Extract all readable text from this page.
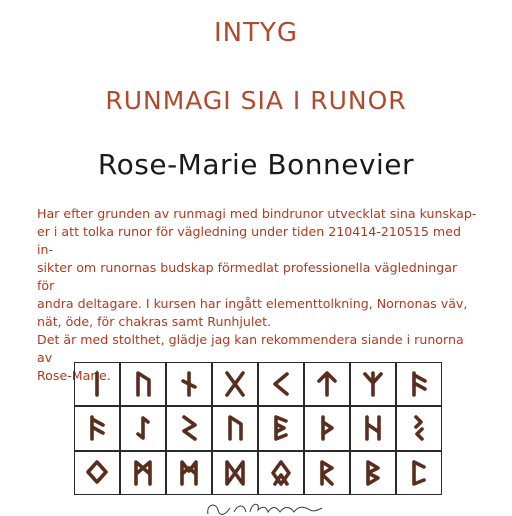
INTYG
RUNMAGI SIA I RUNOR
Rose-Marie Bonnevier
Har efter grunden av runmagi med bindrunor utvecklat sina kunskap-
er i att tolka runor för vägledning under tiden 210414-210515 med in-
sikter om runornas budskap förmedlat professionella vägledningar för
andra deltagare. I kursen har ingått elementtolkning, Nornonas väv,
nät, öde, för chakras samt Runhjulet.
Det är med stolthet, glädje jag kan rekommendera siande i runorna av
Rose-Marie.
